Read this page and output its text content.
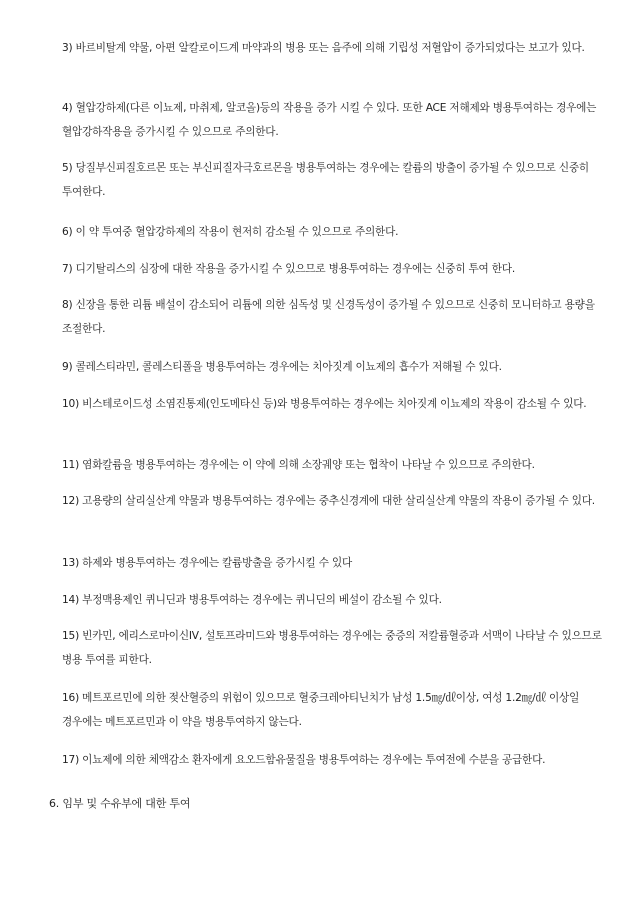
3) 바르비탈계 약물, 아편 알칼로이드계 마약과의 병용 또는 음주에 의해 기립성 저혈압이 증가되었다는 보고가 있다.
4) 혈압강하제(다른 이뇨제, 마취제, 알코올)등의 작용을 증가 시킬 수 있다. 또한 ACE 저해제와 병용투여하는 경우에는 혈압강하작용을 증가시킬 수 있으므로 주의한다.
5) 당질부신피질호르몬 또는 부신피질자극호르몬을 병용투여하는 경우에는 칼륨의 방출이 증가될 수 있으므로 신중히 투여한다.
6) 이 약 투여중 혈압강하제의 작용이 현저히 감소될 수 있으므로 주의한다.
7) 디기탈리스의 심장에 대한 작용을 증가시킬 수 있으므로 병용투여하는 경우에는 신중히 투여 한다.
8) 신장을 통한 리튬 배설이 감소되어 리튬에 의한 심독성 및 신경독성이 증가될 수 있으므로 신중히 모니터하고 용량을 조절한다.
9) 콜레스티라민, 콜레스티폴을 병용투여하는 경우에는 치아짓계 이뇨제의 흡수가 저해될 수 있다.
10) 비스테로이드성 소염진통제(인도메타신 등)와 병용투여하는 경우에는 치아짓계 이뇨제의 작용이 감소될 수 있다.
11) 염화칼륨을 병용투여하는 경우에는 이 약에 의해 소장궤양 또는 협착이 나타날 수 있으므로 주의한다.
12) 고용량의 살리실산계 약물과 병용투여하는 경우에는 중추신경계에 대한 살리실산계 약물의 작용이 증가될 수 있다.
13) 하제와 병용투여하는 경우에는 칼륨방출을 증가시킬 수 있다
14) 부정맥용제인 퀴니딘과 병용투여하는 경우에는 퀴니딘의 베설이 감소될 수 있다.
15) 빈카민, 에리스로마이신IV, 설토프라미드와 병용투여하는 경우에는 중증의 저칼륨혈증과 서맥이 나타날 수 있으므로 병용 투여를 피한다.
16) 메트포르민에 의한 젖산혈증의 위험이 있으므로 혈중크레아티닌치가 남성 1.5㎎/㎗이상, 여성 1.2㎎/㎗ 이상일 경우에는 메트포르민과 이 약을 병용투여하지 않는다.
17) 이뇨제에 의한 체액감소 환자에게 요오드함유물질을 병용투여하는 경우에는 투여전에 수분을 공급한다.
6. 임부 및 수유부에 대한 투여
